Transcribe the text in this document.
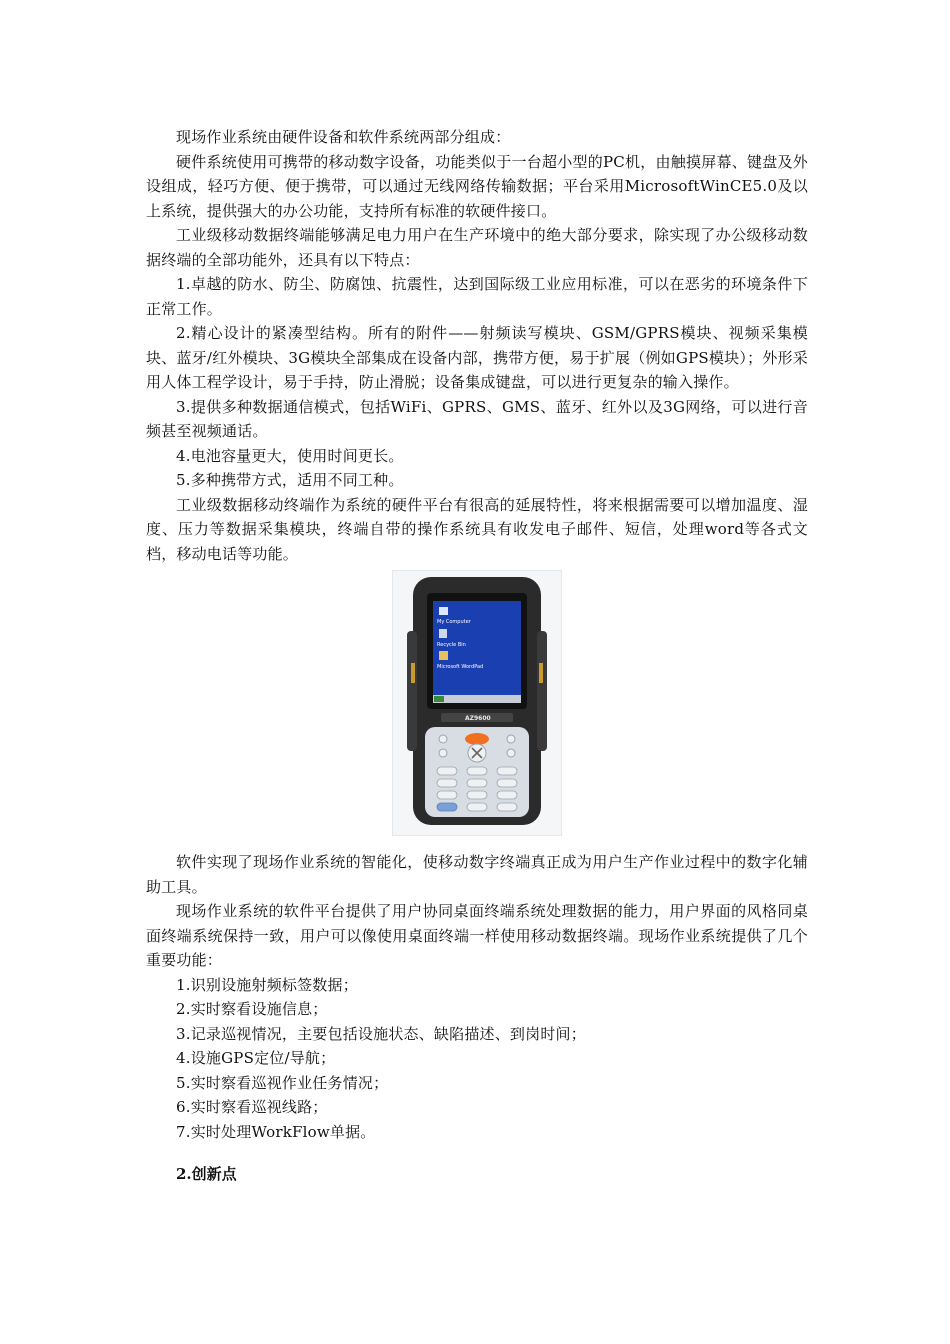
现场作业系统由硬件设备和软件系统两部分组成：

硬件系统使用可携带的移动数字设备，功能类似于一台超小型的PC机，由触摸屏幕、键盘及外设组成，轻巧方便、便于携带，可以通过无线网络传输数据；平台采用MicrosoftWinCE5.0及以上系统，提供强大的办公功能，支持所有标准的软硬件接口。

工业级移动数据终端能够满足电力用户在生产环境中的绝大部分要求，除实现了办公级移动数据终端的全部功能外，还具有以下特点：

1.卓越的防水、防尘、防腐蚀、抗震性，达到国际级工业应用标准，可以在恶劣的环境条件下正常工作。

2.精心设计的紧凑型结构。所有的附件——射频读写模块、GSM/GPRS模块、视频采集模块、蓝牙/红外模块、3G模块全部集成在设备内部，携带方便，易于扩展（例如GPS模块）；外形采用人体工程学设计，易于手持，防止滑脱；设备集成键盘，可以进行更复杂的输入操作。

3.提供多种数据通信模式，包括WiFi、GPRS、GMS、蓝牙、红外以及3G网络，可以进行音频甚至视频通话。

4.电池容量更大，使用时间更长。

5.多种携带方式，适用不同工种。

工业级数据移动终端作为系统的硬件平台有很高的延展特性，将来根据需要可以增加温度、湿度、压力等数据采集模块，终端自带的操作系统具有收发电子邮件、短信，处理word等各式文档，移动电话等功能。

My Computer
Recycle Bin
Microsoft WordPad
AZ9600

软件实现了现场作业系统的智能化，使移动数字终端真正成为用户生产作业过程中的数字化辅助工具。

现场作业系统的软件平台提供了用户协同桌面终端系统处理数据的能力，用户界面的风格同桌面终端系统保持一致，用户可以像使用桌面终端一样使用移动数据终端。现场作业系统提供了几个重要功能：

1.识别设施射频标签数据；

2.实时察看设施信息；

3.记录巡视情况，主要包括设施状态、缺陷描述、到岗时间；

4.设施GPS定位/导航；

5.实时察看巡视作业任务情况；

6.实时察看巡视线路；

7.实时处理WorkFlow单据。

2.创新点
